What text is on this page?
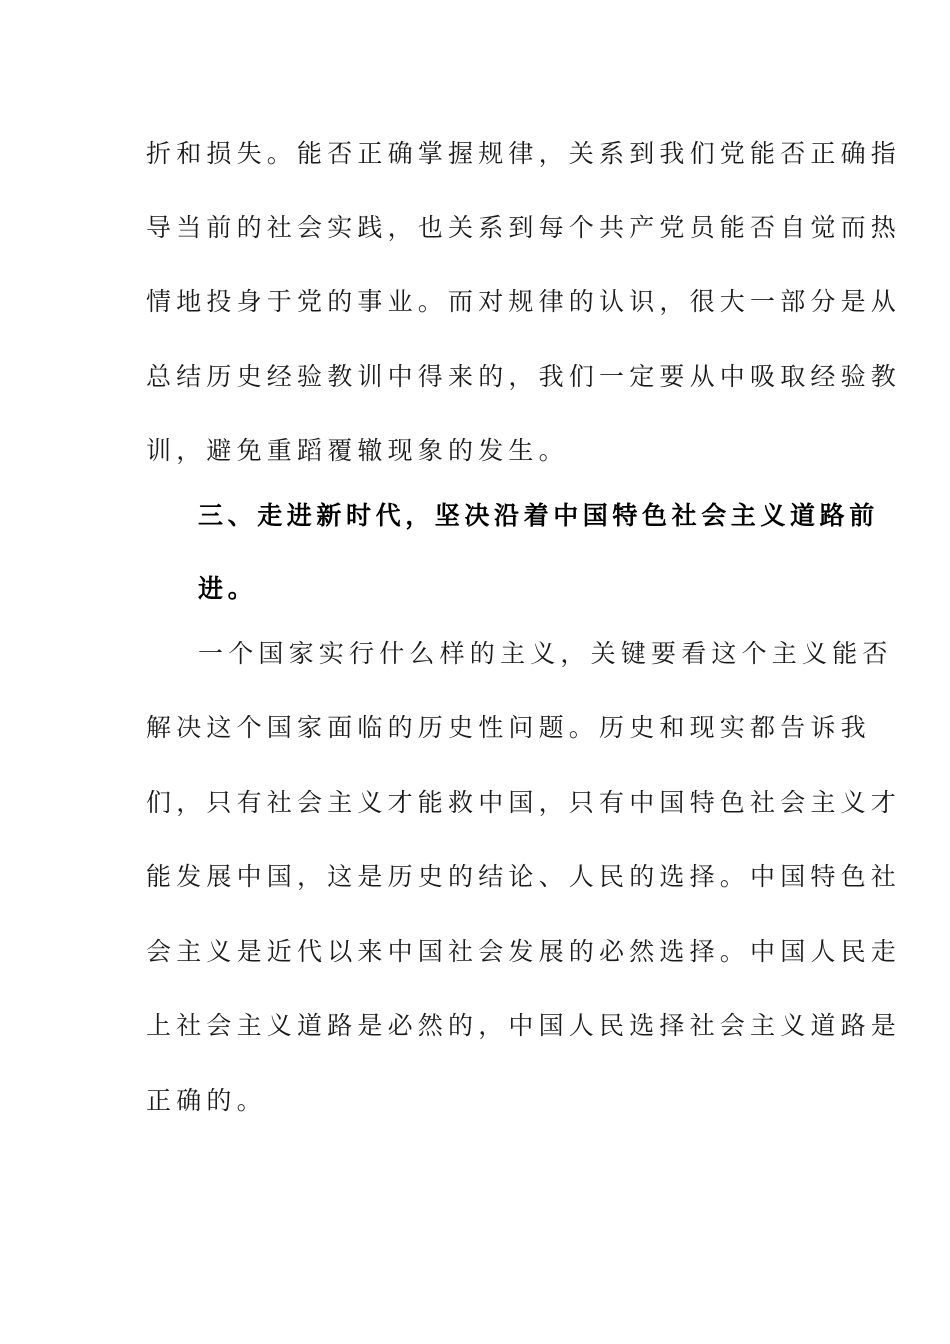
折和损失。能否正确掌握规律，关系到我们党能否正确指
导当前的社会实践，也关系到每个共产党员能否自觉而热
情地投身于党的事业。而对规律的认识，很大一部分是从
总结历史经验教训中得来的，我们一定要从中吸取经验教
训，避免重蹈覆辙现象的发生。
三、走进新时代，坚决沿着中国特色社会主义道路前
进。
一个国家实行什么样的主义，关键要看这个主义能否
解决这个国家面临的历史性问题。历史和现实都告诉我
们，只有社会主义才能救中国，只有中国特色社会主义才
能发展中国，这是历史的结论、人民的选择。中国特色社
会主义是近代以来中国社会发展的必然选择。中国人民走
上社会主义道路是必然的，中国人民选择社会主义道路是
正确的。
